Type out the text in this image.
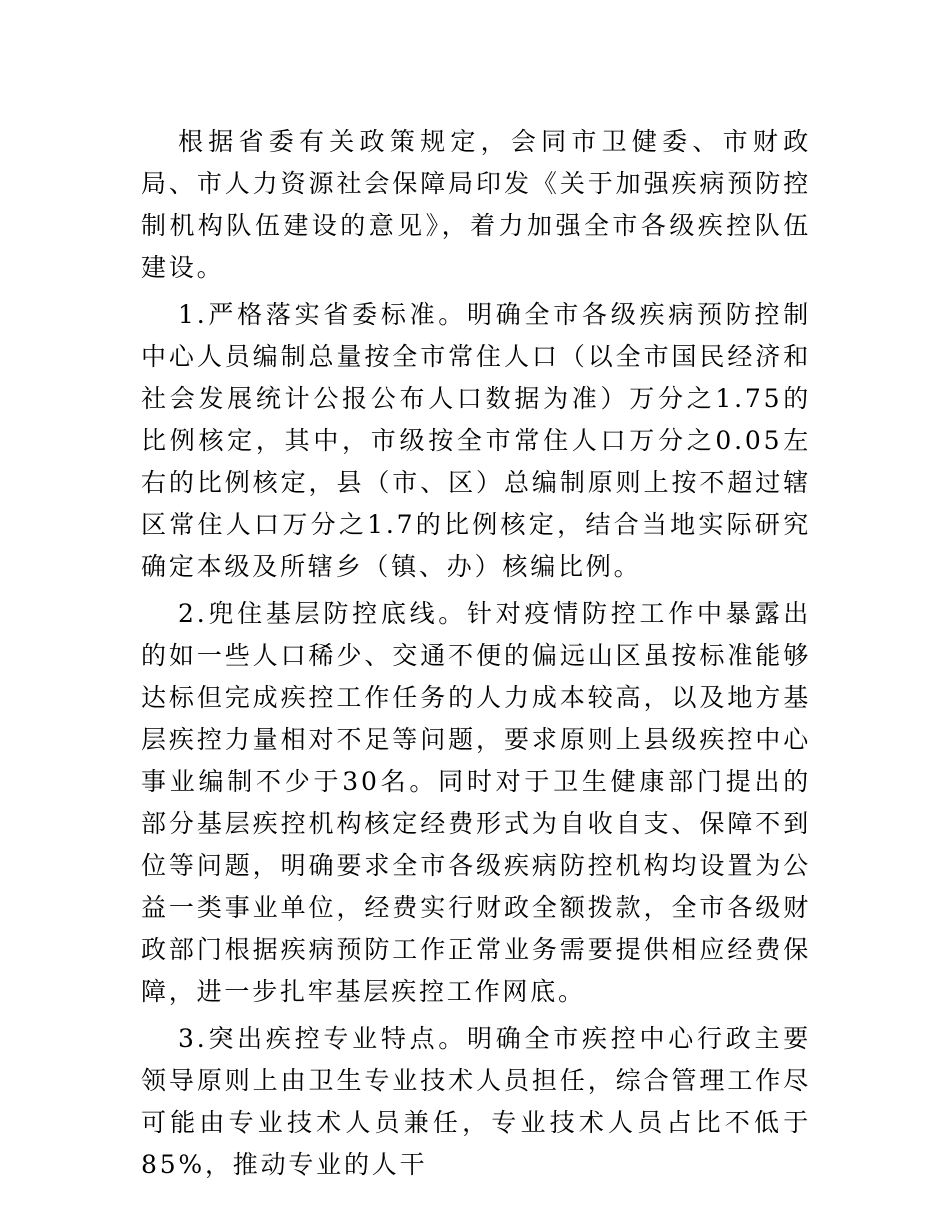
根据省委有关政策规定，会同市卫健委、市财政局、市人力资源社会保障局印发《关于加强疾病预防控制机构队伍建设的意见》，着力加强全市各级疾控队伍建设。

1.严格落实省委标准。明确全市各级疾病预防控制中心人员编制总量按全市常住人口（以全市国民经济和社会发展统计公报公布人口数据为准）万分之1.75的比例核定，其中，市级按全市常住人口万分之0.05左右的比例核定，县（市、区）总编制原则上按不超过辖区常住人口万分之1.7的比例核定，结合当地实际研究确定本级及所辖乡（镇、办）核编比例。

2.兜住基层防控底线。针对疫情防控工作中暴露出的如一些人口稀少、交通不便的偏远山区虽按标准能够达标但完成疾控工作任务的人力成本较高，以及地方基层疾控力量相对不足等问题，要求原则上县级疾控中心事业编制不少于30名。同时对于卫生健康部门提出的部分基层疾控机构核定经费形式为自收自支、保障不到位等问题，明确要求全市各级疾病防控机构均设置为公益一类事业单位，经费实行财政全额拨款，全市各级财政部门根据疾病预防工作正常业务需要提供相应经费保障，进一步扎牢基层疾控工作网底。

3.突出疾控专业特点。明确全市疾控中心行政主要领导原则上由卫生专业技术人员担任，综合管理工作尽可能由专业技术人员兼任，专业技术人员占比不低于85%，推动专业的人干
